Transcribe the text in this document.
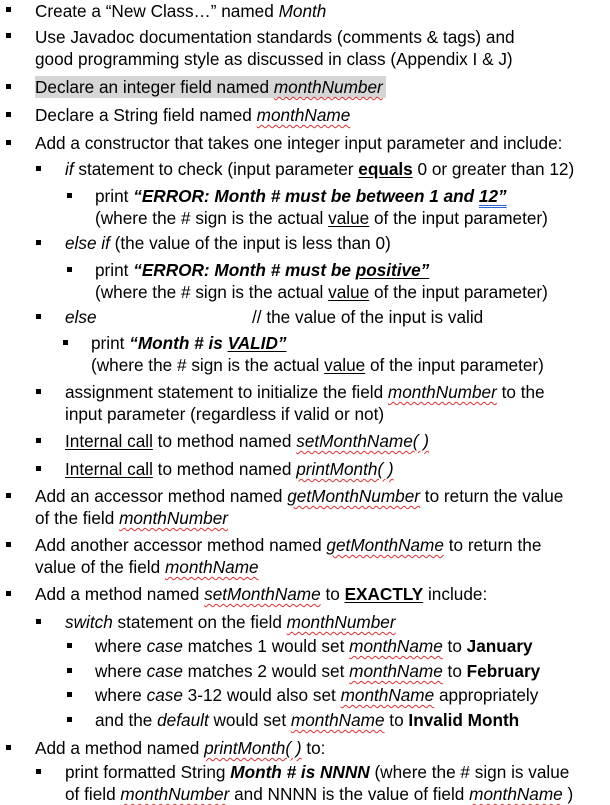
Create a “New Class…” named Month
Use Javadoc documentation standards (comments & tags) and
good programming style as discussed in class (Appendix I & J)
Declare an integer field named monthNumber
Declare a String field named monthName
Add a constructor that takes one integer input parameter and include:
if statement to check (input parameter equals 0 or greater than 12)
print “ERROR: Month # must be between 1 and 12”
(where the # sign is the actual value of the input parameter)
else if (the value of the input is less than 0)
print “ERROR: Month # must be positive”
(where the # sign is the actual value of the input parameter)
else	// the value of the input is valid
print “Month # is VALID”
(where the # sign is the actual value of the input parameter)
assignment statement to initialize the field monthNumber to the
input parameter (regardless if valid or not)
Internal call to method named setMonthName( )
Internal call to method named printMonth( )
Add an accessor method named getMonthNumber to return the value
of the field monthNumber
Add another accessor method named getMonthName to return the
value of the field monthName
Add a method named setMonthName to EXACTLY include:
switch statement on the field monthNumber
where case matches 1 would set monthName to January
where case matches 2 would set monthName to February
where case 3-12 would also set monthName appropriately
and the default would set monthName to Invalid Month
Add a method named printMonth( ) to:
print formatted String Month # is NNNN (where the # sign is value
of field monthNumber and NNNN is the value of field monthName )
